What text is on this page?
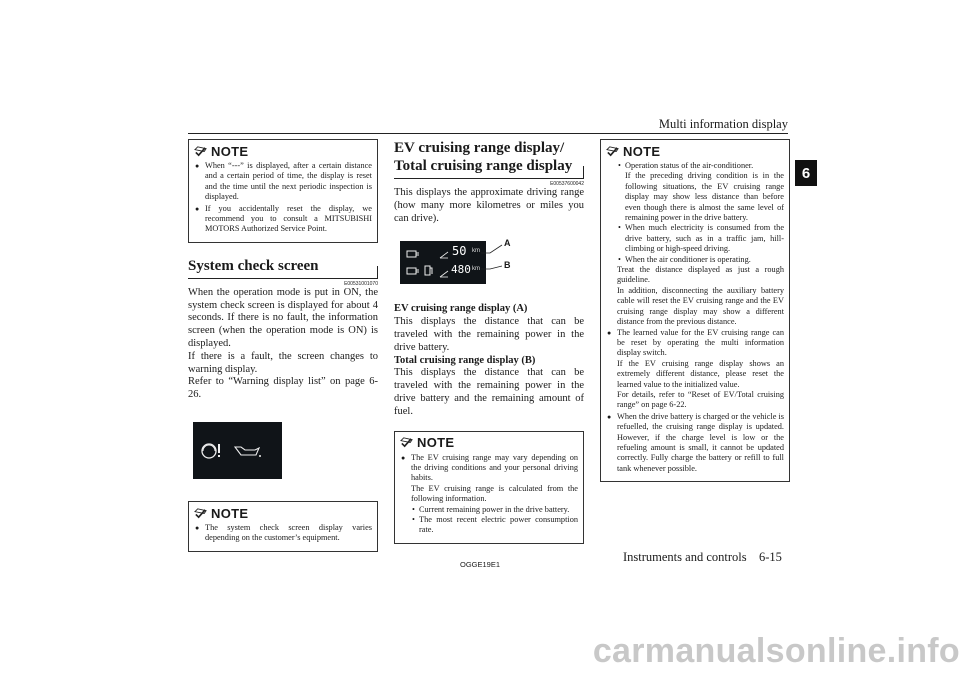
Multi information display
6
NOTE
● When “---” is displayed, after a certain distance and a certain period of time, the display is reset and the time until the next periodic inspection is displayed.
● If you accidentally reset the display, we recommend you to consult a MITSUBISHI MOTORS Authorized Service Point.
System check screen
E00531001070
When the operation mode is put in ON, the system check screen is displayed for about 4 seconds. If there is no fault, the information screen (when the operation mode is ON) is displayed.
If there is a fault, the screen changes to warning display.
Refer to “Warning display list” on page 6-26.
NOTE
● The system check screen display varies depending on the customer’s equipment.
EV cruising range display/
Total cruising range display
E00537600042
This displays the approximate driving range (how many more kilometres or miles you can drive).
50 km
480 km
A
B
EV cruising range display (A)
This displays the distance that can be traveled with the remaining power in the drive battery.
Total cruising range display (B)
This displays the distance that can be traveled with the remaining power in the drive battery and the remaining amount of fuel.
NOTE
● The EV cruising range may vary depending on the driving conditions and your personal driving habits.
The EV cruising range is calculated from the following information.
• Current remaining power in the drive battery.
• The most recent electric power consumption rate.
NOTE
• Operation status of the air-conditioner.
If the preceding driving condition is in the following situations, the EV cruising range display may show less distance than before even though there is almost the same level of remaining power in the drive battery.
• When much electricity is consumed from the drive battery, such as in a traffic jam, hill-climbing or high-speed driving.
• When the air conditioner is operating.
Treat the distance displayed as just a rough guideline.
In addition, disconnecting the auxiliary battery cable will reset the EV cruising range and the EV cruising range display may show a different distance from the previous distance.
● The learned value for the EV cruising range can be reset by operating the multi information display switch.
If the EV cruising range display shows an extremely different distance, please reset the learned value to the initialized value.
For details, refer to “Reset of EV/Total cruising range” on page 6-22.
● When the drive battery is charged or the vehicle is refuelled, the cruising range display is updated. However, if the charge level is low or the refueling amount is small, it cannot be updated correctly. Fully charge the battery or refill to full tank whenever possible.
OGGE19E1
Instruments and controls 6-15
carmanualsonline.info
